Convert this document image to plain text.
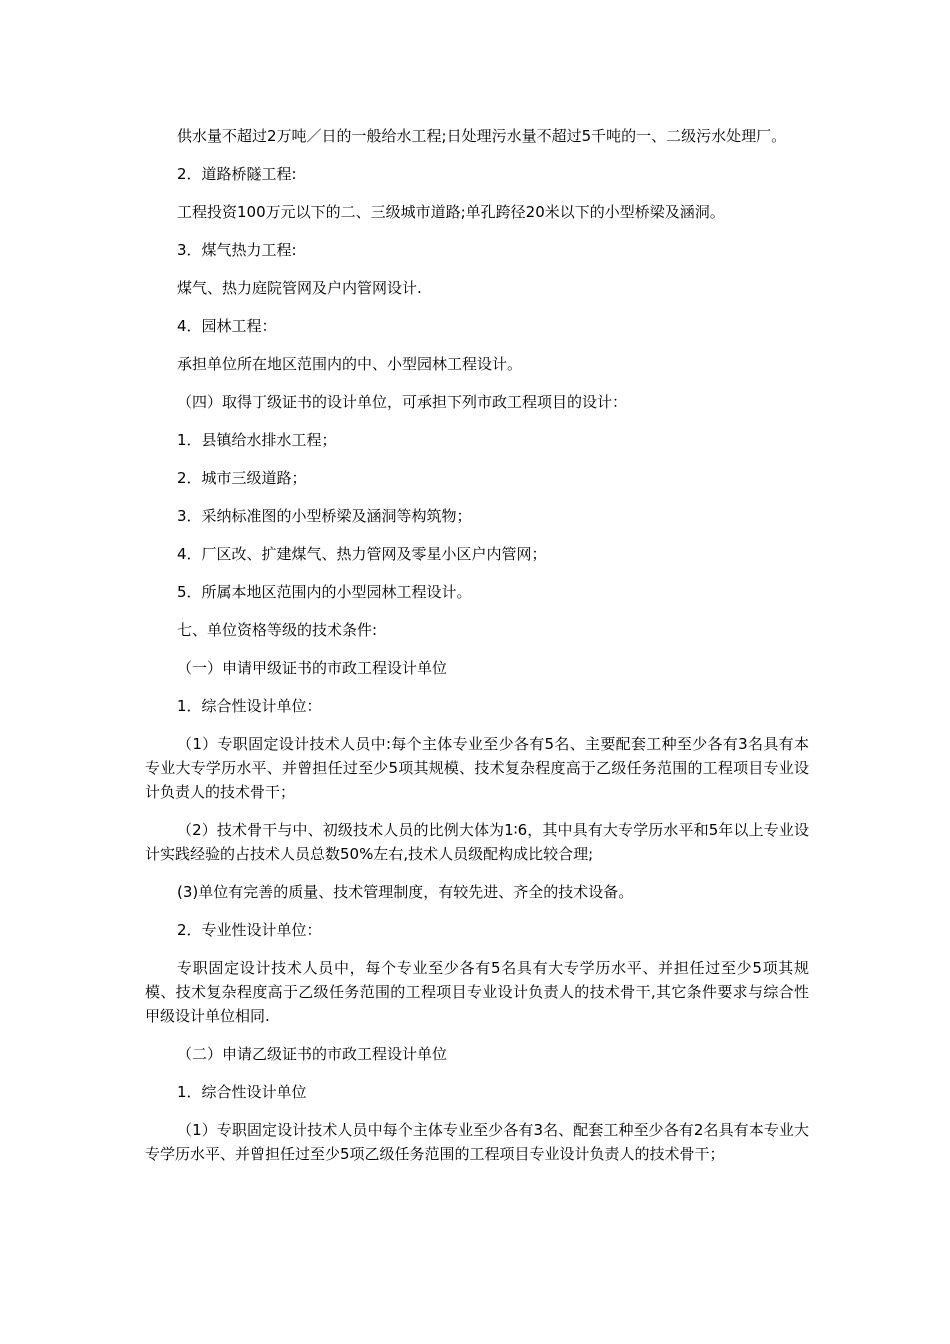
供水量不超过2万吨／日的一般给水工程;日处理污水量不超过5千吨的一、二级污水处理厂。

2．道路桥隧工程:

工程投资100万元以下的二、三级城市道路;单孔跨径20米以下的小型桥梁及涵洞。

3．煤气热力工程:

煤气、热力庭院管网及户内管网设计.

4．园林工程：

承担单位所在地区范围内的中、小型园林工程设计。

（四）取得丁级证书的设计单位，可承担下列市政工程项目的设计：

1．县镇给水排水工程；

2．城市三级道路；

3．采纳标准图的小型桥梁及涵洞等构筑物；

4．厂区改、扩建煤气、热力管网及零星小区户内管网；

5．所属本地区范围内的小型园林工程设计。

七、单位资格等级的技术条件:

（一）申请甲级证书的市政工程设计单位

1．综合性设计单位：

（1）专职固定设计技术人员中:每个主体专业至少各有5名、主要配套工种至少各有3名具有本专业大专学历水平、并曾担任过至少5项其规模、技术复杂程度高于乙级任务范围的工程项目专业设计负责人的技术骨干；

（2）技术骨干与中、初级技术人员的比例大体为1∶6，其中具有大专学历水平和5年以上专业设计实践经验的占技术人员总数50%左右,技术人员级配构成比较合理;

(3)单位有完善的质量、技术管理制度，有较先进、齐全的技术设备。

2．专业性设计单位：

专职固定设计技术人员中，每个专业至少各有5名具有大专学历水平、并担任过至少5项其规模、技术复杂程度高于乙级任务范围的工程项目专业设计负责人的技术骨干,其它条件要求与综合性甲级设计单位相同.

（二）申请乙级证书的市政工程设计单位

1．综合性设计单位

（1）专职固定设计技术人员中每个主体专业至少各有3名、配套工种至少各有2名具有本专业大专学历水平、并曾担任过至少5项乙级任务范围的工程项目专业设计负责人的技术骨干；
